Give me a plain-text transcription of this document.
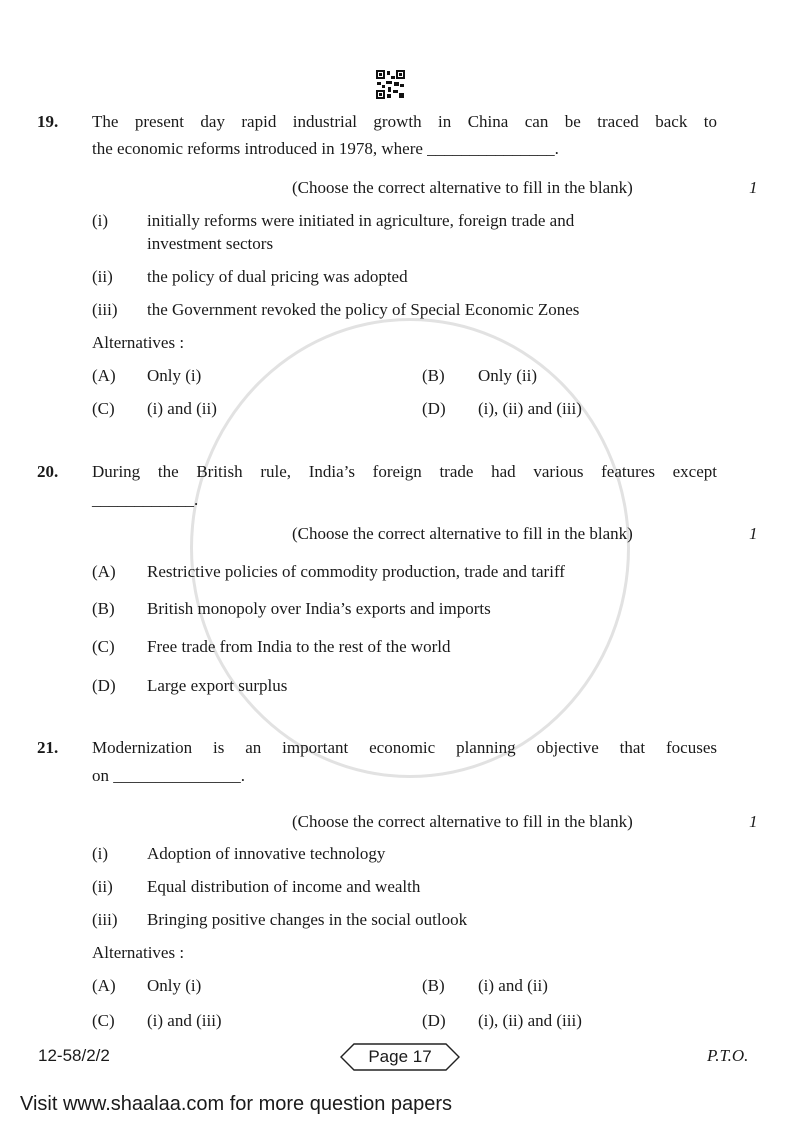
19. The present day rapid industrial growth in China can be traced back to
the economic reforms introduced in 1978, where _______________.
(Choose the correct alternative to fill in the blank)	1
(i) initially reforms were initiated in agriculture, foreign trade and
investment sectors
(ii) the policy of dual pricing was adopted
(iii) the Government revoked the policy of Special Economic Zones
Alternatives :
(A) Only (i)	(B) Only (ii)
(C) (i) and (ii)	(D) (i), (ii) and (iii)
20. During the British rule, India’s foreign trade had various features except
____________.
(Choose the correct alternative to fill in the blank)	1
(A) Restrictive policies of commodity production, trade and tariff
(B) British monopoly over India’s exports and imports
(C) Free trade from India to the rest of the world
(D) Large export surplus
21. Modernization is an important economic planning objective that focuses
on _______________.
(Choose the correct alternative to fill in the blank)	1
(i) Adoption of innovative technology
(ii) Equal distribution of income and wealth
(iii) Bringing positive changes in the social outlook
Alternatives :
(A) Only (i)	(B) (i) and (ii)
(C) (i) and (iii)	(D) (i), (ii) and (iii)
12-58/2/2	Page 17	P.T.O.
Visit www.shaalaa.com for more question papers
